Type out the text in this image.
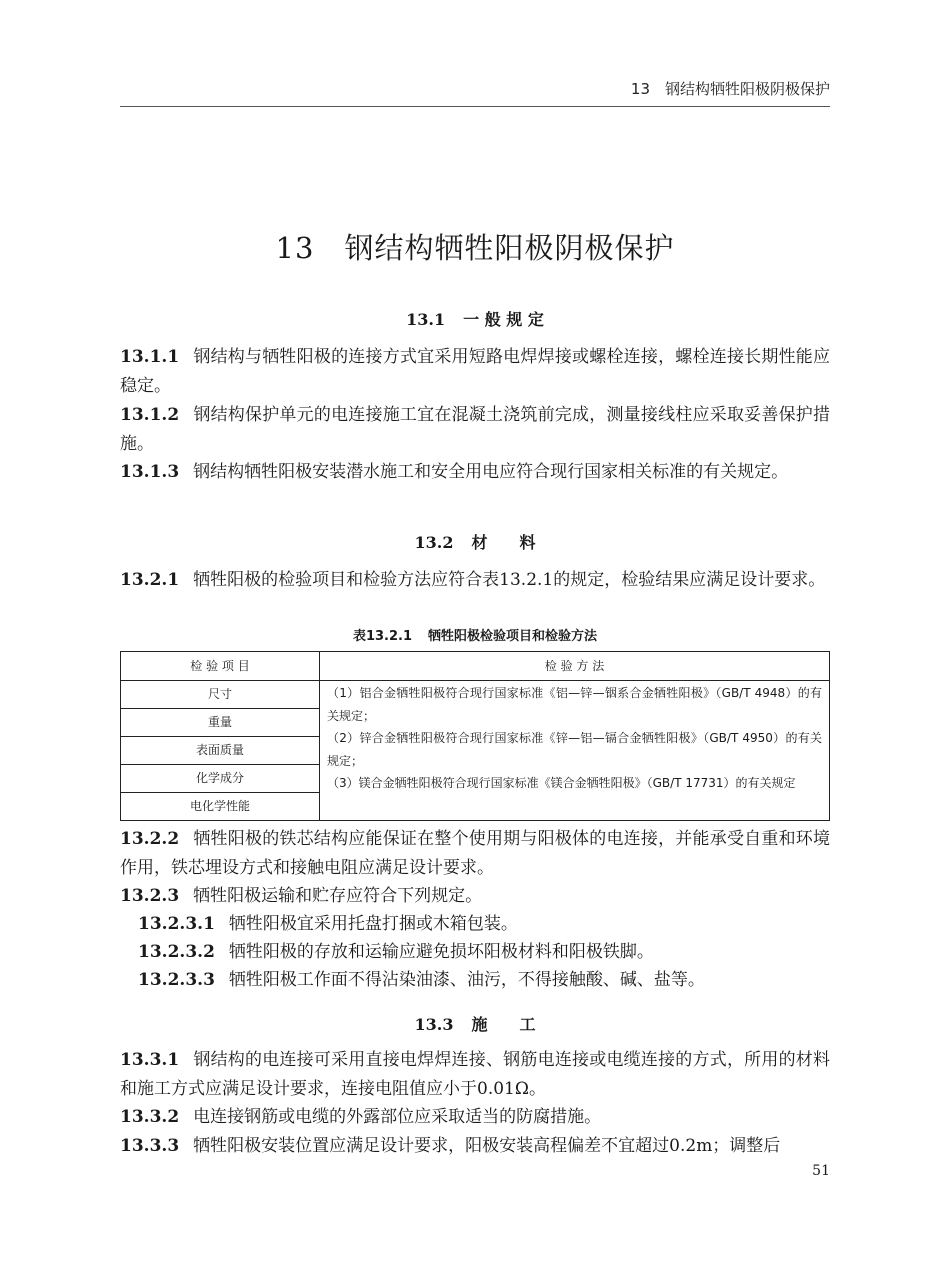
13　钢结构牺牲阳极阴极保护
13 钢结构牺牲阳极阴极保护
13.1 一 般 规 定
13.1.1 钢结构与牺牲阳极的连接方式宜采用短路电焊焊接或螺栓连接，螺栓连接长期性能应稳定。
13.1.2 钢结构保护单元的电连接施工宜在混凝土浇筑前完成，测量接线柱应采取妥善保护措施。
13.1.3 钢结构牺牲阳极安装潜水施工和安全用电应符合现行国家相关标准的有关规定。
13.2 材　　料
13.2.1 牺牲阳极的检验项目和检验方法应符合表13.2.1的规定，检验结果应满足设计要求。
表13.2.1 牺牲阳极检验项目和检验方法
检 验 项 目	检 验 方 法
尺寸
重量
表面质量
化学成分
电化学性能

（1）铝合金牺牲阳极符合现行国家标准《铝—锌—铟系合金牺牲阳极》（GB/T 4948）的有关规定；

（2）锌合金牺牲阳极符合现行国家标准《锌—铝—镉合金牺牲阳极》（GB/T 4950）的有关规定；

（3）镁合金牺牲阳极符合现行国家标准《镁合金牺牲阳极》（GB/T 17731）的有关规定

13.2.2 牺牲阳极的铁芯结构应能保证在整个使用期与阳极体的电连接，并能承受自重和环境作用，铁芯埋设方式和接触电阻应满足设计要求。
13.2.3 牺牲阳极运输和贮存应符合下列规定。
13.2.3.1 牺牲阳极宜采用托盘打捆或木箱包装。
13.2.3.2 牺牲阳极的存放和运输应避免损坏阳极材料和阳极铁脚。
13.2.3.3 牺牲阳极工作面不得沾染油漆、油污，不得接触酸、碱、盐等。
13.3 施　　工
13.3.1 钢结构的电连接可采用直接电焊焊连接、钢筋电连接或电缆连接的方式，所用的材料和施工方式应满足设计要求，连接电阻值应小于0.01Ω。
13.3.2 电连接钢筋或电缆的外露部位应采取适当的防腐措施。
13.3.3 牺牲阳极安装位置应满足设计要求，阳极安装高程偏差不宜超过0.2m；调整后
51
